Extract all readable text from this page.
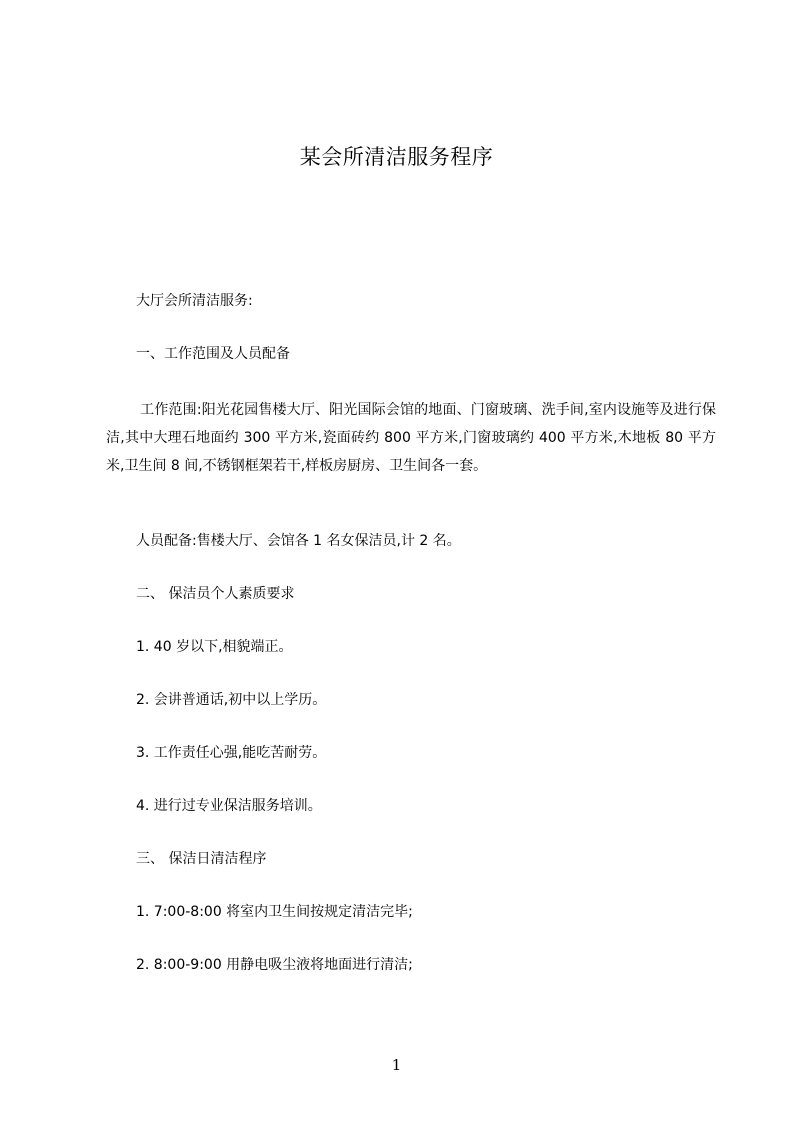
某会所清洁服务程序
大厅会所清洁服务:
一、工作范围及人员配备
工作范围:阳光花园售楼大厅、阳光国际会馆的地面、门窗玻璃、洗手间,室内设施等及进行保洁,其中大理石地面约 300 平方米,瓷面砖约 800 平方米,门窗玻璃约 400 平方米,木地板 80 平方米,卫生间 8 间,不锈钢框架若干,样板房厨房、卫生间各一套。
人员配备:售楼大厅、会馆各 1 名女保洁员,计 2 名。
二、 保洁员个人素质要求
1. 40 岁以下,相貌端正。
2. 会讲普通话,初中以上学历。
3. 工作责任心强,能吃苦耐劳。
4. 进行过专业保洁服务培训。
三、 保洁日清洁程序
1. 7:00-8:00 将室内卫生间按规定清洁完毕;
2. 8:00-9:00 用静电吸尘液将地面进行清洁;
1
